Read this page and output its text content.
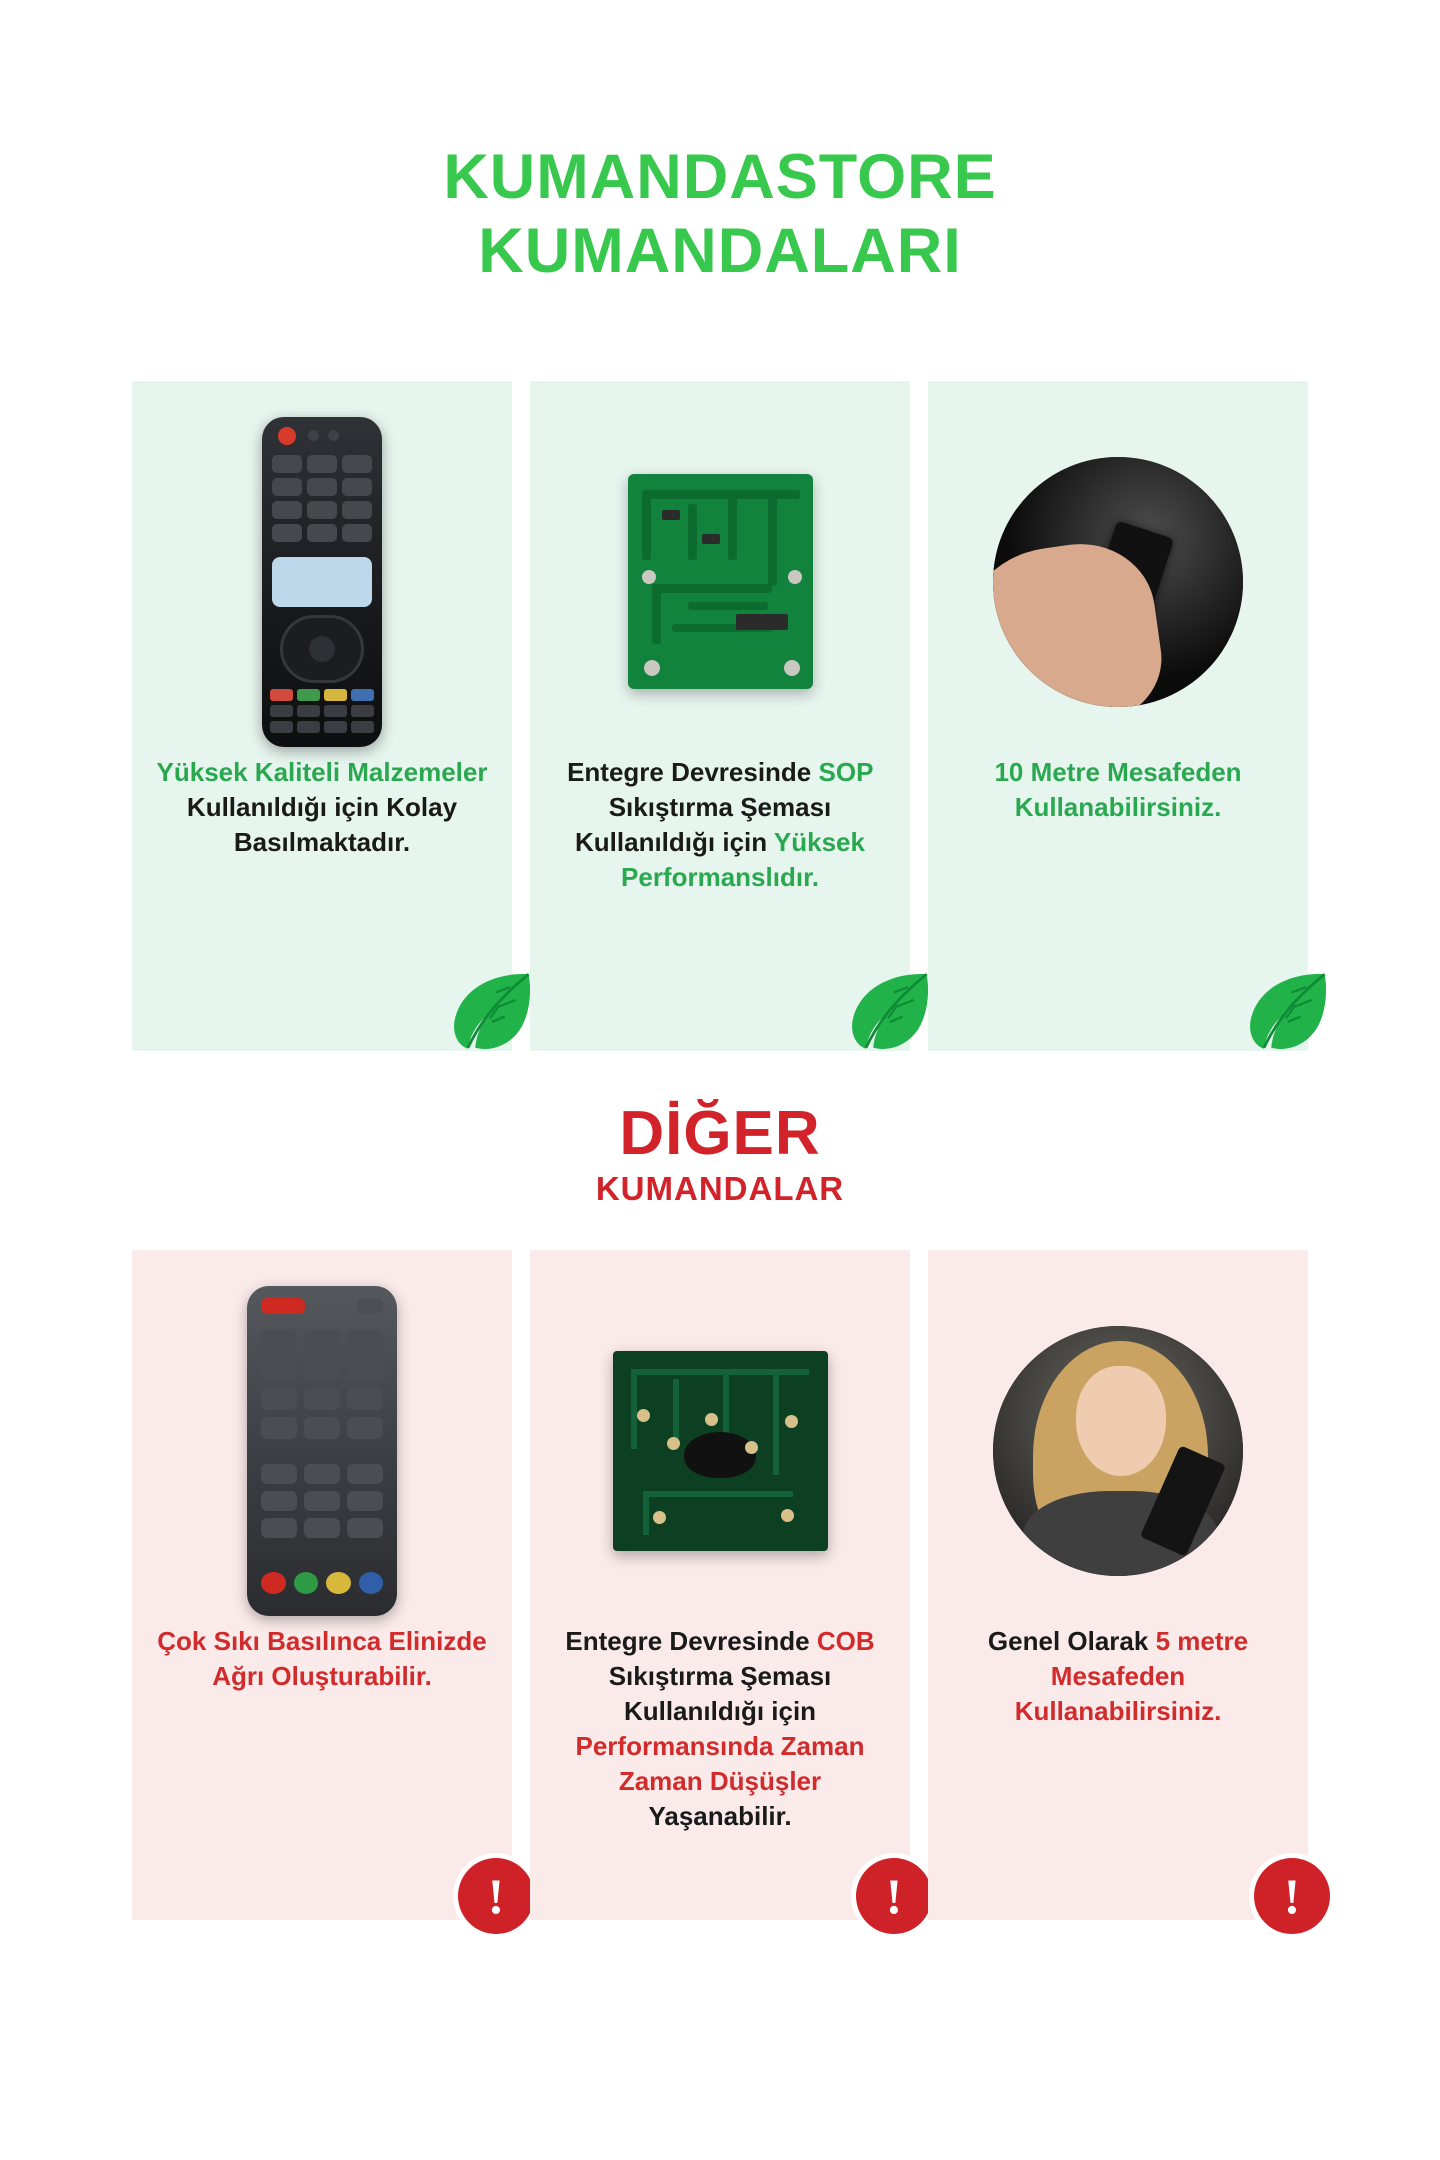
KUMANDASTORE
KUMANDALARI
Yüksek Kaliteli Malzemeler Kullanıldığı için Kolay Basılmaktadır.
Entegre Devresinde SOP Sıkıştırma Şeması Kullanıldığı için Yüksek Performanslıdır.
10 Metre Mesafeden Kullanabilirsiniz.
DİĞER
KUMANDALAR
Çok Sıkı Basılınca Elinizde Ağrı Oluşturabilir.
!
Entegre Devresinde COB Sıkıştırma Şeması Kullanıldığı için Performansında Zaman Zaman Düşüşler Yaşanabilir.
!
Genel Olarak 5 metre Mesafeden Kullanabilirsiniz.
!
